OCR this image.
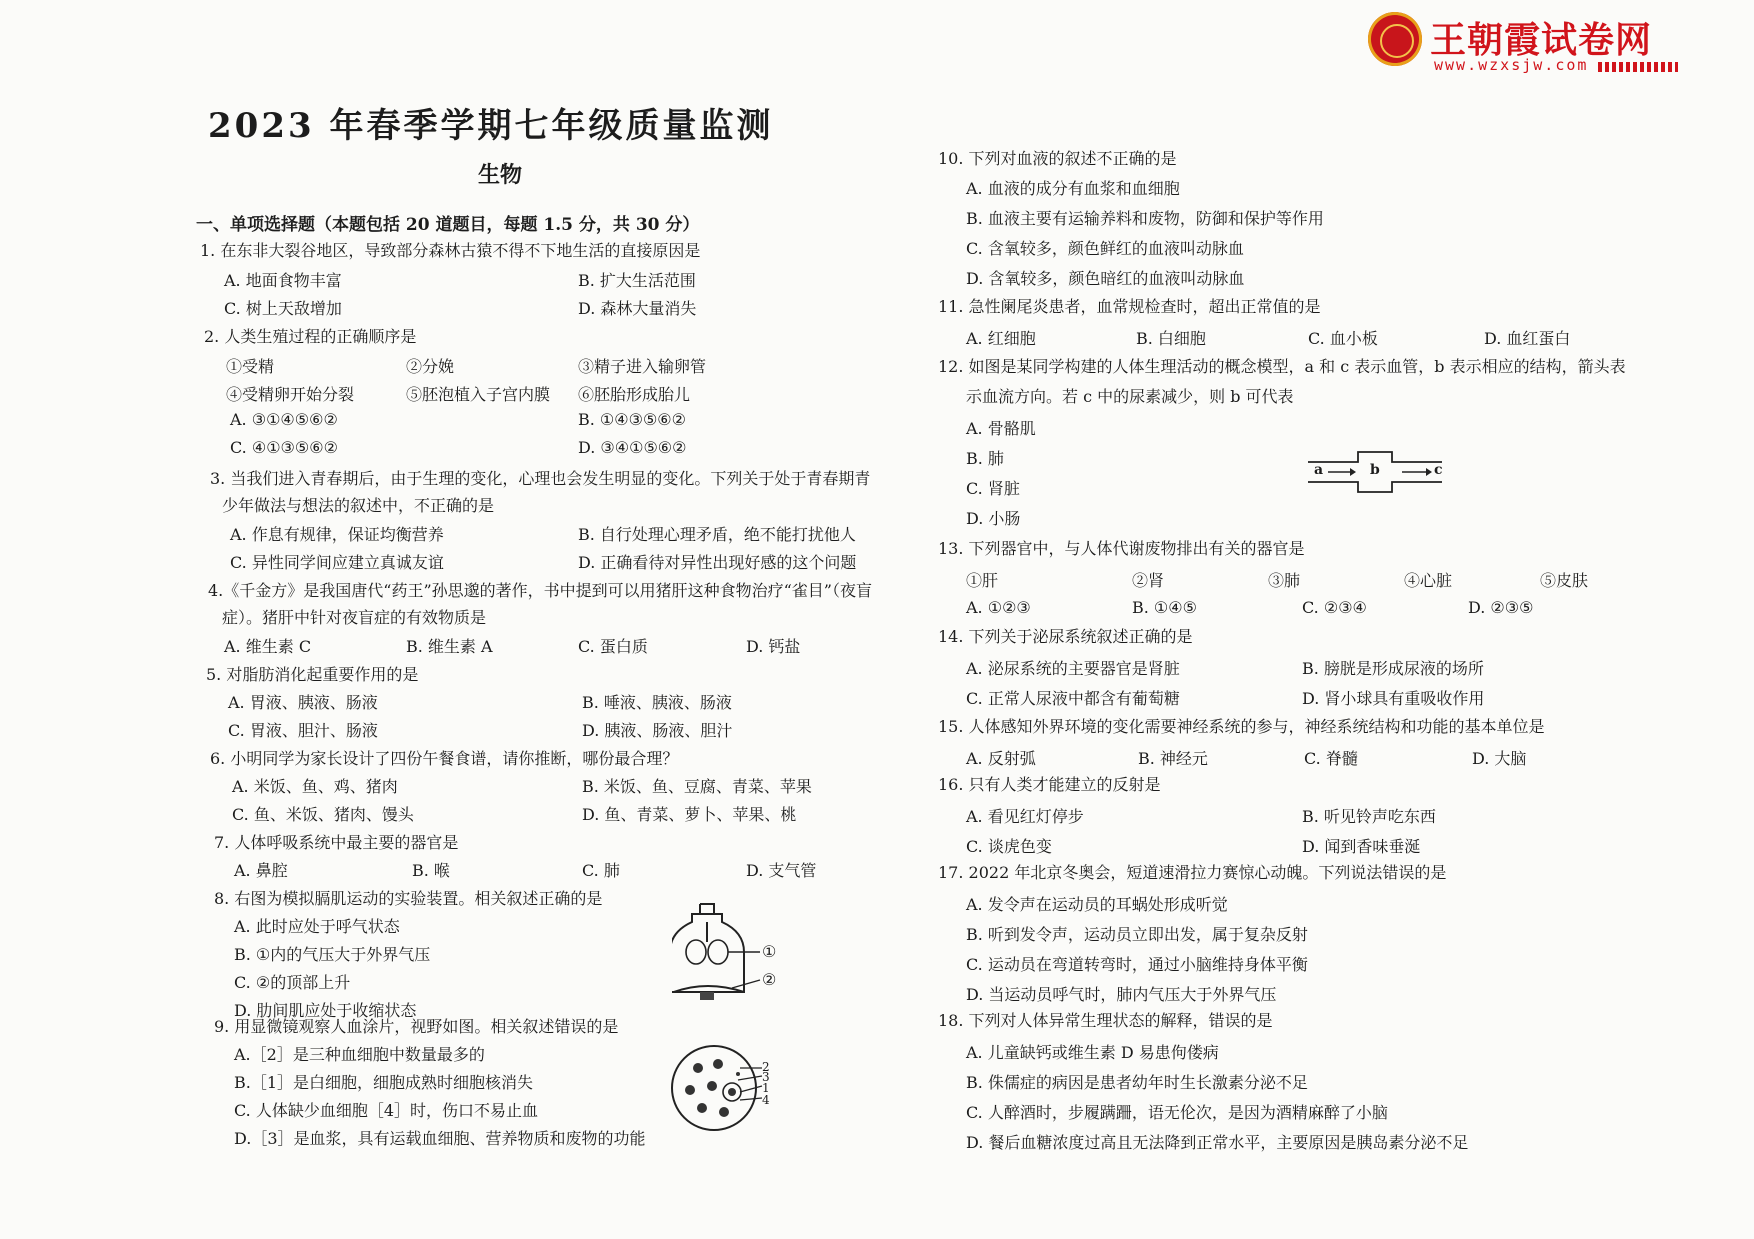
王朝霞试卷网
www.wzxsjw.com
2023 年春季学期七年级质量监测
生物
一、单项选择题（本题包括 20 道题目，每题 1.5 分，共 30 分）
1. 在东非大裂谷地区，导致部分森林古猿不得不下地生活的直接原因是
A. 地面食物丰富	B. 扩大生活范围
C. 树上天敌增加	D. 森林大量消失
2. 人类生殖过程的正确顺序是
①受精	②分娩	③精子进入输卵管
④受精卵开始分裂	⑤胚泡植入子宫内膜 ⑥胚胎形成胎儿
A. ③①④⑤⑥②	B. ①④③⑤⑥②
C. ④①③⑤⑥②	D. ③④①⑤⑥②
3. 当我们进入青春期后，由于生理的变化，心理也会发生明显的变化。下列关于处于青春期青
少年做法与想法的叙述中，不正确的是
A. 作息有规律，保证均衡营养	B. 自行处理心理矛盾，绝不能打扰他人
C. 异性同学间应建立真诚友谊	D. 正确看待对异性出现好感的这个问题
4.《千金方》是我国唐代“药王”孙思邈的著作，书中提到可以用猪肝这种食物治疗“雀目”（夜盲
症）。猪肝中针对夜盲症的有效物质是
A. 维生素 C	B. 维生素 A	C. 蛋白质	D. 钙盐
5. 对脂肪消化起重要作用的是
A. 胃液、胰液、肠液	B. 唾液、胰液、肠液
C. 胃液、胆汁、肠液	D. 胰液、肠液、胆汁
6. 小明同学为家长设计了四份午餐食谱，请你推断，哪份最合理？
A. 米饭、鱼、鸡、猪肉	B. 米饭、鱼、豆腐、青菜、苹果
C. 鱼、米饭、猪肉、馒头	D. 鱼、青菜、萝卜、苹果、桃
7. 人体呼吸系统中最主要的器官是
A. 鼻腔	B. 喉	C. 肺	D. 支气管
8. 右图为模拟膈肌运动的实验装置。相关叙述正确的是
A. 此时应处于呼气状态
B. ①内的气压大于外界气压
C. ②的顶部上升
D. 肋间肌应处于收缩状态
①
②
9. 用显微镜观察人血涂片，视野如图。相关叙述错误的是
A.［2］是三种血细胞中数量最多的
B.［1］是白细胞，细胞成熟时细胞核消失
C. 人体缺少血细胞［4］时，伤口不易止血
D.［3］是血浆，具有运载血细胞、营养物质和废物的功能
2
3
1
4
10. 下列对血液的叙述不正确的是
A. 血液的成分有血浆和血细胞
B. 血液主要有运输养料和废物，防御和保护等作用
C. 含氧较多，颜色鲜红的血液叫动脉血
D. 含氧较多，颜色暗红的血液叫动脉血
11. 急性阑尾炎患者，血常规检查时，超出正常值的是
A. 红细胞	B. 白细胞	C. 血小板	D. 血红蛋白
12. 如图是某同学构建的人体生理活动的概念模型，a 和 c 表示血管，b 表示相应的结构，箭头表
示血流方向。若 c 中的尿素减少，则 b 可代表
A. 骨骼肌
B. 肺
C. 肾脏
D. 小肠
a	b	c
13. 下列器官中，与人体代谢废物排出有关的器官是
①肝	②肾	③肺	④心脏	⑤皮肤
A. ①②③	B. ①④⑤	C. ②③④	D. ②③⑤
14. 下列关于泌尿系统叙述正确的是
A. 泌尿系统的主要器官是肾脏	B. 膀胱是形成尿液的场所
C. 正常人尿液中都含有葡萄糖	D. 肾小球具有重吸收作用
15. 人体感知外界环境的变化需要神经系统的参与，神经系统结构和功能的基本单位是
A. 反射弧	B. 神经元	C. 脊髓	D. 大脑
16. 只有人类才能建立的反射是
A. 看见红灯停步	B. 听见铃声吃东西
C. 谈虎色变	D. 闻到香味垂涎
17. 2022 年北京冬奥会，短道速滑拉力赛惊心动魄。下列说法错误的是
A. 发令声在运动员的耳蜗处形成听觉
B. 听到发令声，运动员立即出发，属于复杂反射
C. 运动员在弯道转弯时，通过小脑维持身体平衡
D. 当运动员呼气时，肺内气压大于外界气压
18. 下列对人体异常生理状态的解释，错误的是
A. 儿童缺钙或维生素 D 易患佝偻病
B. 侏儒症的病因是患者幼年时生长激素分泌不足
C. 人醉酒时，步履蹒跚，语无伦次，是因为酒精麻醉了小脑
D. 餐后血糖浓度过高且无法降到正常水平，主要原因是胰岛素分泌不足
